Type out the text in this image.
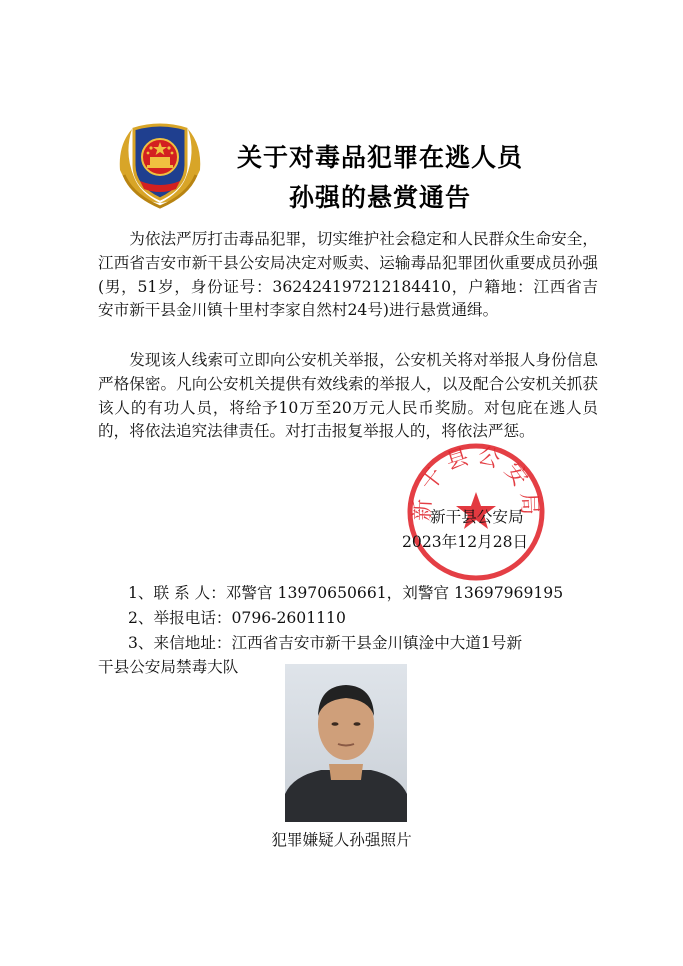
关于对毒品犯罪在逃人员
孙强的悬赏通告

为依法严厉打击毒品犯罪，切实维护社会稳定和人民群众生命安全，江西省吉安市新干县公安局决定对贩卖、运输毒品犯罪团伙重要成员孙强(男，51岁，身份证号：362424197212184410，户籍地：江西省吉安市新干县金川镇十里村李家自然村24号)进行悬赏通缉。

发现该人线索可立即向公安机关举报，公安机关将对举报人身份信息严格保密。凡向公安机关提供有效线索的举报人，以及配合公安机关抓获该人的有功人员，将给予10万至20万元人民币奖励。对包庇在逃人员的，将依法追究法律责任。对打击报复举报人的，将依法严惩。

新干县公安局
新干县公安局
2023年12月28日
1、联 系 人：邓警官 13970650661，刘警官 13697969195
2、举报电话：0796-2601110
3、来信地址：江西省吉安市新干县金川镇淦中大道1号新
干县公安局禁毒大队
犯罪嫌疑人孙强照片
